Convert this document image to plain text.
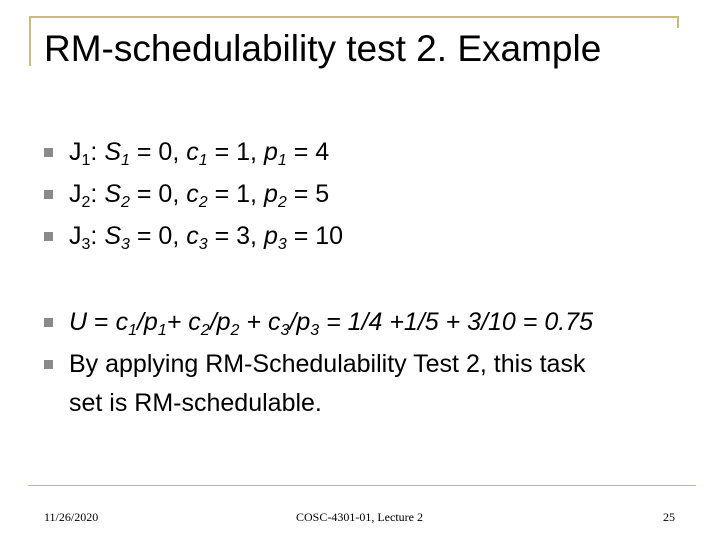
RM-schedulability test 2. Example
$J_1$: $S_1 = 0$, $c_1 = 1$, $p_1 = 4$
$J_2$: $S_2 = 0$, $c_2 = 1$, $p_2 = 5$
$J_3$: $S_3 = 0$, $c_3 = 3$, $p_3 = 10$
$U = c_1/p_1+ c_2/p_2 + c_3/p_3 = 1/4 +1/5 + 3/10 = 0.75$
By applying RM-Schedulability Test 2, this task
set is RM-schedulable.
11/26/2020	COSC-4301-01, Lecture 2	25
